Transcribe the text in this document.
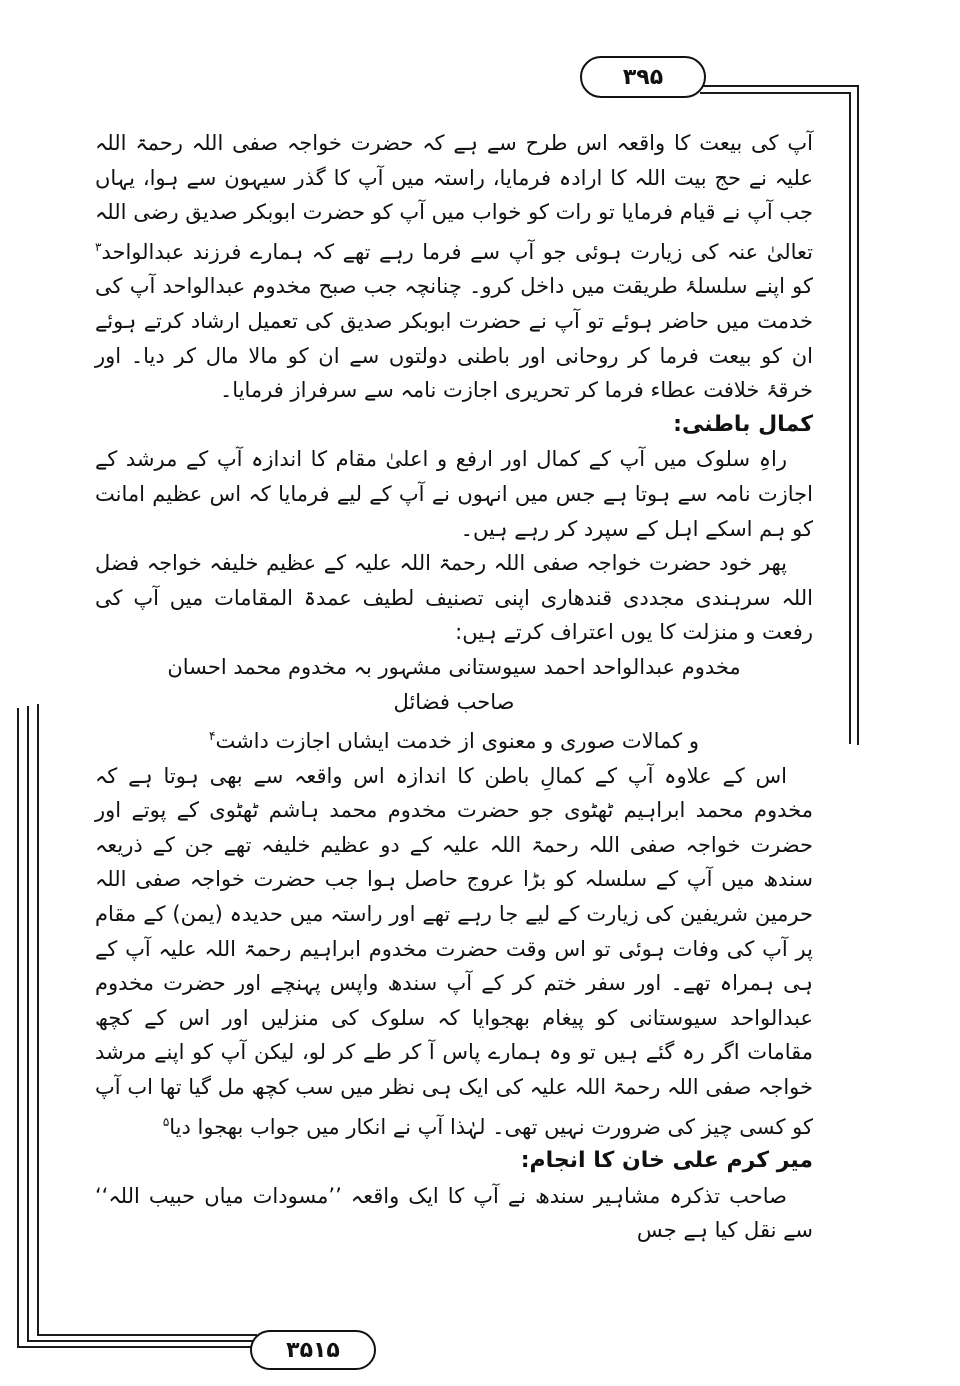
۳۹۵

آپ کی بیعت کا واقعہ اس طرح سے ہے کہ حضرت خواجہ صفی اللہ رحمۃ اللہ علیہ نے حج بیت اللہ کا ارادہ فرمایا، راستہ میں آپ کا گذر سیہون سے ہوا، یہاں جب آپ نے قیام فرمایا تو رات کو خواب میں آپ کو حضرت ابوبکر صدیق رضی اللہ تعالیٰ عنہ کی زیارت ہوئی جو آپ سے فرما رہے تھے کہ ہمارے فرزند عبدالواحد$^۳$ کو اپنے سلسلۂ طریقت میں داخل کرو۔ چنانچہ جب صبح مخدوم عبدالواحد آپ کی خدمت میں حاضر ہوئے تو آپ نے حضرت ابوبکر صدیق کی تعمیل ارشاد کرتے ہوئے ان کو بیعت فرما کر روحانی اور باطنی دولتوں سے ان کو مالا مال کر دیا۔ اور خرقۂ خلافت عطاء فرما کر تحریری اجازت نامہ سے سرفراز فرمایا۔

کمال باطنی:

راہِ سلوک میں آپ کے کمال اور ارفع و اعلیٰ مقام کا اندازہ آپ کے مرشد کے اجازت نامہ سے ہوتا ہے جس میں انہوں نے آپ کے لیے فرمایا کہ اس عظیم امانت کو ہم اسکے اہل کے سپرد کر رہے ہیں۔

پھر خود حضرت خواجہ صفی اللہ رحمۃ اللہ علیہ کے عظیم خلیفہ خواجہ فضل اللہ سرہندی مجددی قندھاری اپنی تصنیف لطیف عمدۃ المقامات میں آپ کی رفعت و منزلت کا یوں اعتراف کرتے ہیں:

مخدوم عبدالواحد احمد سیوستانی مشہور بہ مخدوم محمد احسان صاحب فضائل

و کمالات صوری و معنوی از خدمت ایشاں اجازت داشت$^۴$

اس کے علاوہ آپ کے کمالِ باطن کا اندازہ اس واقعہ سے بھی ہوتا ہے کہ مخدوم محمد ابراہیم ٹھٹوی جو حضرت مخدوم محمد ہاشم ٹھٹوی کے پوتے اور حضرت خواجہ صفی اللہ رحمۃ اللہ علیہ کے دو عظیم خلیفہ تھے جن کے ذریعہ سندھ میں آپ کے سلسلہ کو بڑا عروج حاصل ہوا جب حضرت خواجہ صفی اللہ حرمین شریفین کی زیارت کے لیے جا رہے تھے اور راستہ میں حدیدہ (یمن) کے مقام پر آپ کی وفات ہوئی تو اس وقت حضرت مخدوم ابراہیم رحمۃ اللہ علیہ آپ کے ہی ہمراہ تھے۔ اور سفر ختم کر کے آپ سندھ واپس پہنچے اور حضرت مخدوم عبدالواحد سیوستانی کو پیغام بھجوایا کہ سلوک کی منزلیں اور اس کے کچھ مقامات اگر رہ گئے ہیں تو وہ ہمارے پاس آ کر طے کر لو، لیکن آپ کو اپنے مرشد خواجہ صفی اللہ رحمۃ اللہ علیہ کی ایک ہی نظر میں سب کچھ مل گیا تھا اب آپ کو کسی چیز کی ضرورت نہیں تھی۔ لہٰذا آپ نے انکار میں جواب بھجوا دیا$^۵$

میر کرم علی خان کا انجام:

صاحب تذکرہ مشاہیر سندھ نے آپ کا ایک واقعہ ’’مسودات میاں حبیب اللہ‘‘ سے نقل کیا ہے جس

۳۵۱۵
